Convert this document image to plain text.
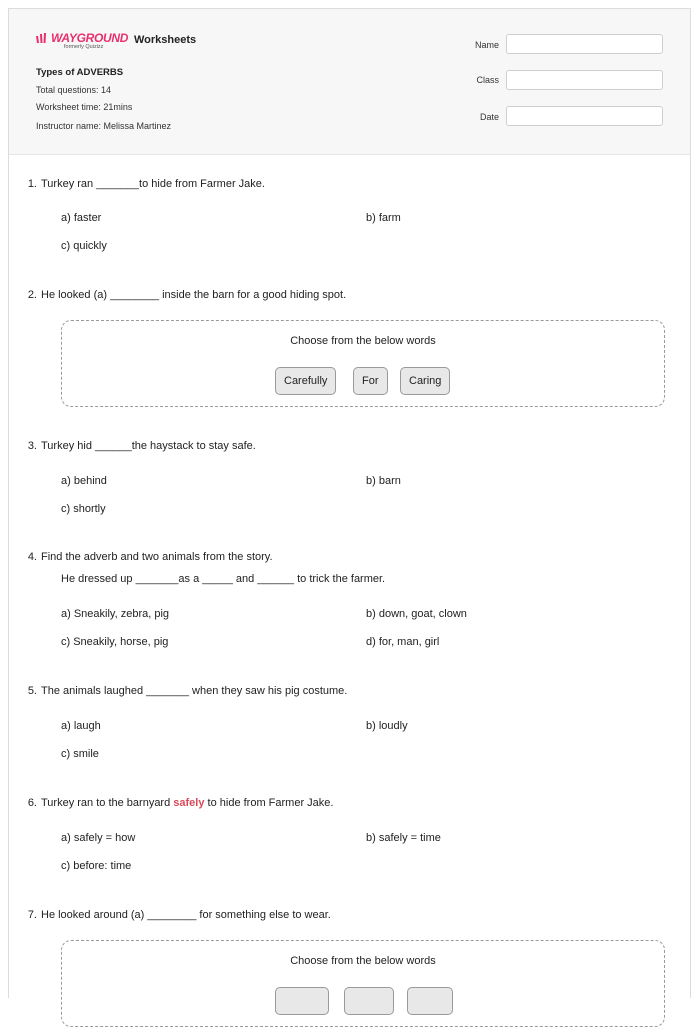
WAYGROUND
formerly Quizizz
Worksheets
Types of ADVERBS
Total questions: 14
Worksheet time: 21mins
Instructor name: Melissa Martinez
Name
Class
Date
1. Turkey ran _______to hide from Farmer Jake.
a) faster	b) farm
c) quickly
2. He looked (a) ________ inside the barn for a good hiding spot.
Choose from the below words
Carefully	For	Caring
3. Turkey hid ______the haystack to stay safe.
a) behind	b) barn
c) shortly
4. Find the adverb and two animals from the story.
He dressed up _______as a _____ and ______ to trick the farmer.
a) Sneakily, zebra, pig	b) down, goat, clown
c) Sneakily, horse, pig	d) for, man, girl
5. The animals laughed _______ when they saw his pig costume.
a) laugh	b) loudly
c) smile
6. Turkey ran to the barnyard safely to hide from Farmer Jake.
a) safely = how	b) safely = time
c) before: time
7. He looked around (a) ________ for something else to wear.
Choose from the below words
